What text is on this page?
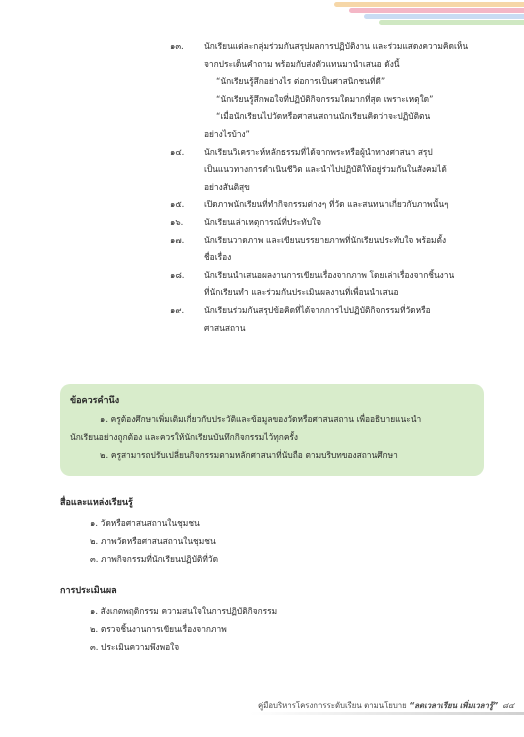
๑๓.	นักเรียนแต่ละกลุ่มร่วมกันสรุปผลการปฏิบัติงาน และร่วมแสดงความคิดเห็น
จากประเด็นคำถาม พร้อมกับส่งตัวแทนมานำเสนอ ดังนี้
“นักเรียนรู้สึกอย่างไร ต่อการเป็นศาสนิกชนที่ดี”
“นักเรียนรู้สึกพอใจที่ปฏิบัติกิจกรรมใดมากที่สุด เพราะเหตุใด”
“เมื่อนักเรียนไปวัดหรือศาสนสถานนักเรียนคิดว่าจะปฏิบัติตน
อย่างไรบ้าง”
๑๔.	นักเรียนวิเคราะห์หลักธรรมที่ได้จากพระหรือผู้นำทางศาสนา สรุป
เป็นแนวทางการดำเนินชีวิต และนำไปปฏิบัติให้อยู่ร่วมกันในสังคมได้
อย่างสันติสุข
๑๕.	เปิดภาพนักเรียนที่ทำกิจกรรมต่างๆ ที่วัด และสนทนาเกี่ยวกับภาพนั้นๆ
๑๖.	นักเรียนเล่าเหตุการณ์ที่ประทับใจ
๑๗.	นักเรียนวาดภาพ และเขียนบรรยายภาพที่นักเรียนประทับใจ พร้อมตั้ง
ชื่อเรื่อง
๑๘.	นักเรียนนำเสนอผลงานการเขียนเรื่องจากภาพ โดยเล่าเรื่องจากชิ้นงาน
ที่นักเรียนทำ และร่วมกันประเมินผลงานที่เพื่อนนำเสนอ
๑๙.	นักเรียนร่วมกันสรุปข้อคิดที่ได้จากการไปปฏิบัติกิจกรรมที่วัดหรือ
ศาสนสถาน
ข้อควรคำนึง
๑. ครูต้องศึกษาเพิ่มเติมเกี่ยวกับประวัติและข้อมูลของวัดหรือศาสนสถาน เพื่ออธิบายแนะนำ
นักเรียนอย่างถูกต้อง และควรให้นักเรียนบันทึกกิจกรรมไว้ทุกครั้ง
๒. ครูสามารถปรับเปลี่ยนกิจกรรมตามหลักศาสนาที่นับถือ ตามบริบทของสถานศึกษา
สื่อและแหล่งเรียนรู้
๑. วัดหรือศาสนสถานในชุมชน
๒. ภาพวัดหรือศาสนสถานในชุมชน
๓. ภาพกิจกรรมที่นักเรียนปฏิบัติที่วัด
การประเมินผล
๑. สังเกตพฤติกรรม ความสนใจในการปฏิบัติกิจกรรม
๒. ตรวจชิ้นงานการเขียนเรื่องจากภาพ
๓. ประเมินความพึงพอใจ
คู่มือบริหารโครงการระดับเรียน ตามนโยบาย “ลดเวลาเรียน เพิ่มเวลารู้” ๘๔
